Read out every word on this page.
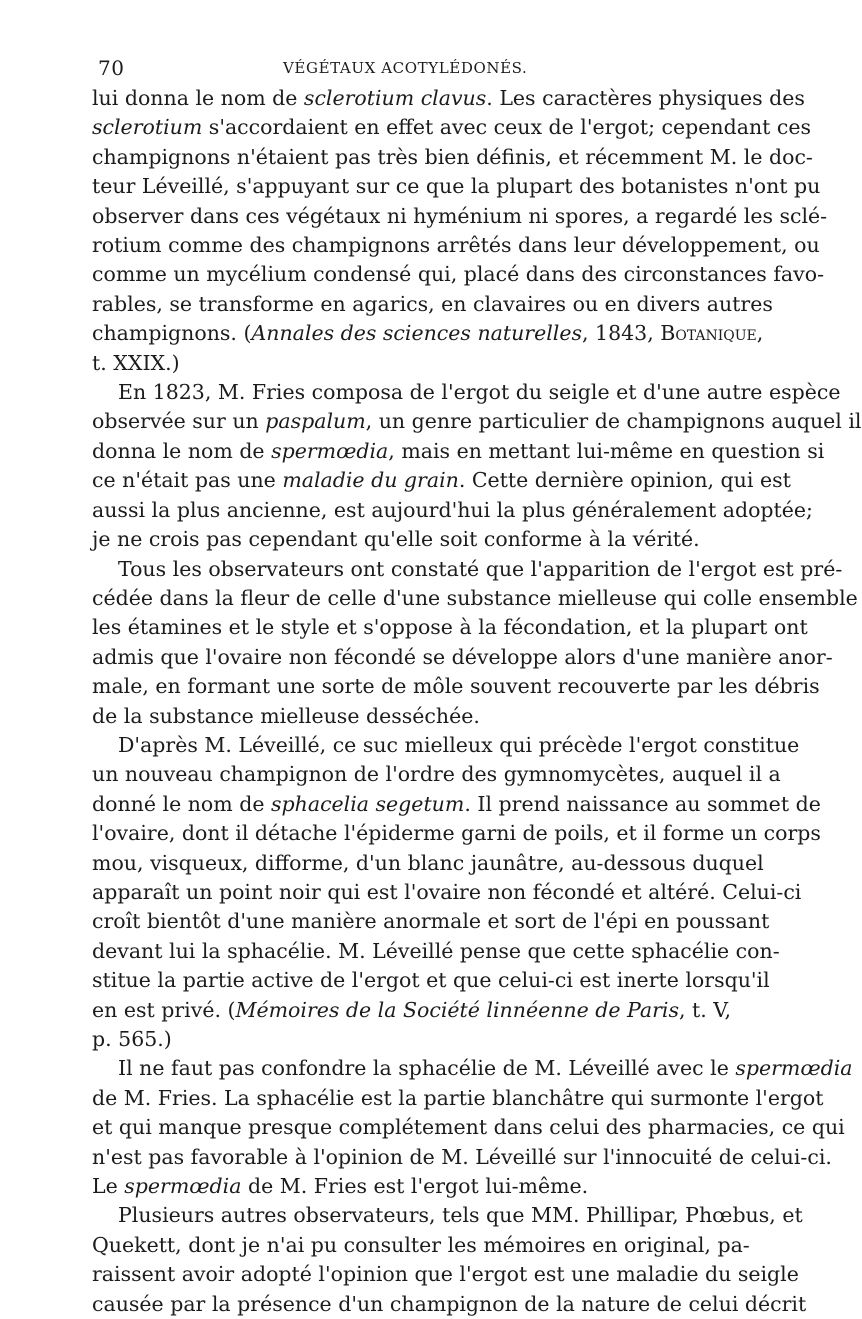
70	VÉGÉTAUX ACOTYLÉDONÉS.

lui donna le nom de sclerotium clavus. Les caractères physiques des
sclerotium s'accordaient en effet avec ceux de l'ergot; cependant ces
champignons n'étaient pas très bien définis, et récemment M. le doc-
teur Léveillé, s'appuyant sur ce que la plupart des botanistes n'ont pu
observer dans ces végétaux ni hyménium ni spores, a regardé les sclé-
rotium comme des champignons arrêtés dans leur développement, ou
comme un mycélium condensé qui, placé dans des circonstances favo-
rables, se transforme en agarics, en clavaires ou en divers autres
champignons. (Annales des sciences naturelles, 1843, Botanique,
t. XXIX.)

En 1823, M. Fries composa de l'ergot du seigle et d'une autre espèce
observée sur un paspalum, un genre particulier de champignons auquel il
donna le nom de spermœdia, mais en mettant lui-même en question si
ce n'était pas une maladie du grain. Cette dernière opinion, qui est
aussi la plus ancienne, est aujourd'hui la plus généralement adoptée;
je ne crois pas cependant qu'elle soit conforme à la vérité.

Tous les observateurs ont constaté que l'apparition de l'ergot est pré-
cédée dans la fleur de celle d'une substance mielleuse qui colle ensemble
les étamines et le style et s'oppose à la fécondation, et la plupart ont
admis que l'ovaire non fécondé se développe alors d'une manière anor-
male, en formant une sorte de môle souvent recouverte par les débris
de la substance mielleuse desséchée.

D'après M. Léveillé, ce suc mielleux qui précède l'ergot constitue
un nouveau champignon de l'ordre des gymnomycètes, auquel il a
donné le nom de sphacelia segetum. Il prend naissance au sommet de
l'ovaire, dont il détache l'épiderme garni de poils, et il forme un corps
mou, visqueux, difforme, d'un blanc jaunâtre, au-dessous duquel
apparaît un point noir qui est l'ovaire non fécondé et altéré. Celui-ci
croît bientôt d'une manière anormale et sort de l'épi en poussant
devant lui la sphacélie. M. Léveillé pense que cette sphacélie con-
stitue la partie active de l'ergot et que celui-ci est inerte lorsqu'il
en est privé. (Mémoires de la Société linnéenne de Paris, t. V,
p. 565.)

Il ne faut pas confondre la sphacélie de M. Léveillé avec le spermœdia
de M. Fries. La sphacélie est la partie blanchâtre qui surmonte l'ergot
et qui manque presque complétement dans celui des pharmacies, ce qui
n'est pas favorable à l'opinion de M. Léveillé sur l'innocuité de celui-ci.
Le spermœdia de M. Fries est l'ergot lui-même.

Plusieurs autres observateurs, tels que MM. Phillipar, Phœbus, et
Quekett, dont je n'ai pu consulter les mémoires en original, pa-
raissent avoir adopté l'opinion que l'ergot est une maladie du seigle
causée par la présence d'un champignon de la nature de celui décrit
